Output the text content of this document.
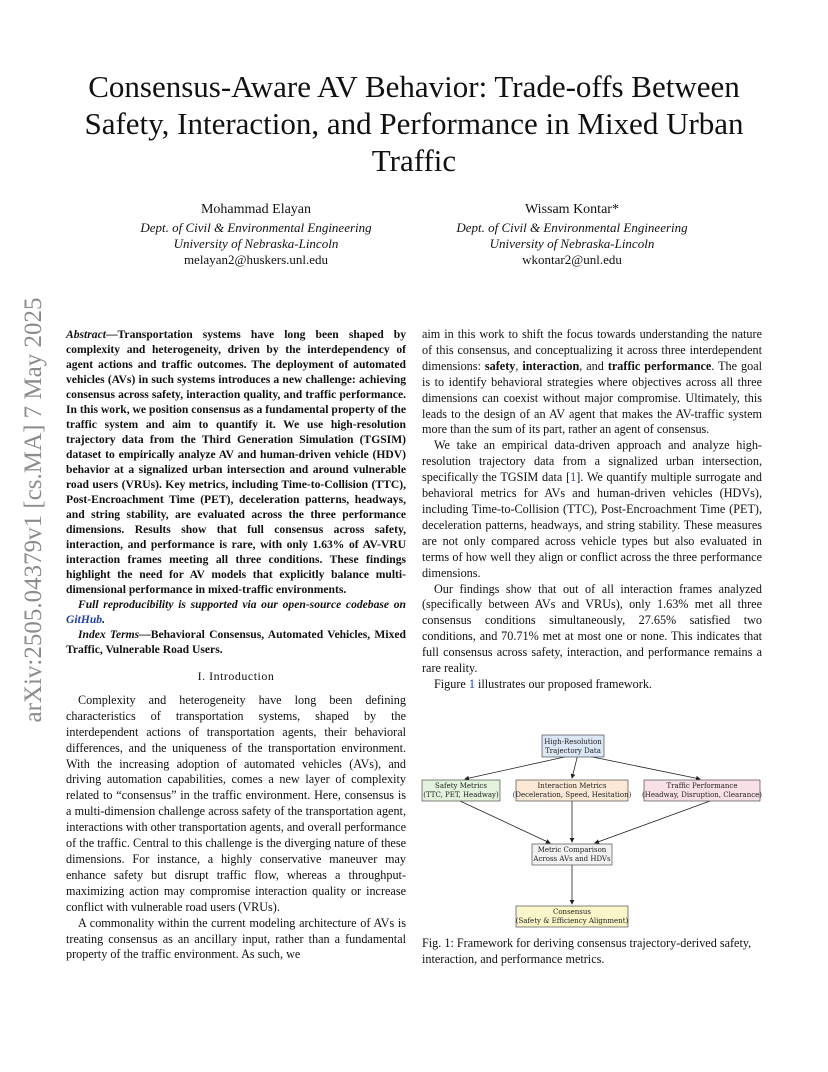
Consensus-Aware AV Behavior: Trade-offs Between Safety, Interaction, and Performance in Mixed Urban Traffic
Mohammad Elayan
Dept. of Civil & Environmental Engineering
University of Nebraska-Lincoln
melayan2@huskers.unl.edu
Wissam Kontar*
Dept. of Civil & Environmental Engineering
University of Nebraska-Lincoln
wkontar2@unl.edu
arXiv:2505.04379v1 [cs.MA] 7 May 2025 Abstract—Transportation systems have long been shaped by complexity and heterogeneity, driven by the interdependency of agent actions and traffic outcomes. The deployment of automated vehicles (AVs) in such systems introduces a new challenge: achieving consensus across safety, interaction quality, and traffic performance. In this work, we position consensus as a fundamental property of the traffic system and aim to quantify it. We use high-resolution trajectory data from the Third Generation Simulation (TGSIM) dataset to empirically analyze AV and human-driven vehicle (HDV) behavior at a signalized urban intersection and around vulnerable road users (VRUs). Key metrics, including Time-to-Collision (TTC), Post-Encroachment Time (PET), deceleration patterns, headways, and string stability, are evaluated across the three performance dimensions. Results show that full consensus across safety, interaction, and performance is rare, with only 1.63% of AV-VRU interaction frames meeting all three conditions. These findings highlight the need for AV models that explicitly balance multi-dimensional performance in mixed-traffic environments.

Full reproducibility is supported via our open-source codebase on GitHub.

Index Terms—Behavioral Consensus, Automated Vehicles, Mixed Traffic, Vulnerable Road Users.

I. Introduction

Complexity and heterogeneity have long been defining characteristics of transportation systems, shaped by the interdependent actions of transportation agents, their behavioral differences, and the uniqueness of the transportation environment. With the increasing adoption of automated vehicles (AVs), and driving automation capabilities, comes a new layer of complexity related to “consensus” in the traffic environment. Here, consensus is a multi-dimension challenge across safety of the transportation agent, interactions with other transportation agents, and overall performance of the traffic. Central to this challenge is the diverging nature of these dimensions. For instance, a highly conservative maneuver may enhance safety but disrupt traffic flow, whereas a throughput-maximizing action may compromise interaction quality or increase conflict with vulnerable road users (VRUs).

A commonality within the current modeling architecture of AVs is treating consensus as an ancillary input, rather than a fundamental property of the traffic environment. As such, we

aim in this work to shift the focus towards understanding the nature of this consensus, and conceptualizing it across three interdependent dimensions: safety, interaction, and traffic performance. The goal is to identify behavioral strategies where objectives across all three dimensions can coexist without major compromise. Ultimately, this leads to the design of an AV agent that makes the AV-traffic system more than the sum of its part, rather an agent of consensus.

We take an empirical data-driven approach and analyze high-resolution trajectory data from a signalized urban intersection, specifically the TGSIM data [1]. We quantify multiple surrogate and behavioral metrics for AVs and human-driven vehicles (HDVs), including Time-to-Collision (TTC), Post-Encroachment Time (PET), deceleration patterns, headways, and string stability. These measures are not only compared across vehicle types but also evaluated in terms of how well they align or conflict across the three performance dimensions.

Our findings show that out of all interaction frames analyzed (specifically between AVs and VRUs), only 1.63% met all three consensus conditions simultaneously, 27.65% satisfied two conditions, and 70.71% met at most one or none. This indicates that full consensus across safety, interaction, and performance remains a rare reality.

Figure 1 illustrates our proposed framework.

High-Resolution
Trajectory Data
Safety Metrics
(TTC, PET, Headway)
Interaction Metrics
(Deceleration, Speed, Hesitation)
Traffic Performance
(Headway, Disruption, Clearance)
Metric Comparison
Across AVs and HDVs
Consensus
(Safety & Efficiency Alignment)
Fig. 1: Framework for deriving consensus trajectory-derived safety, interaction, and performance metrics.
